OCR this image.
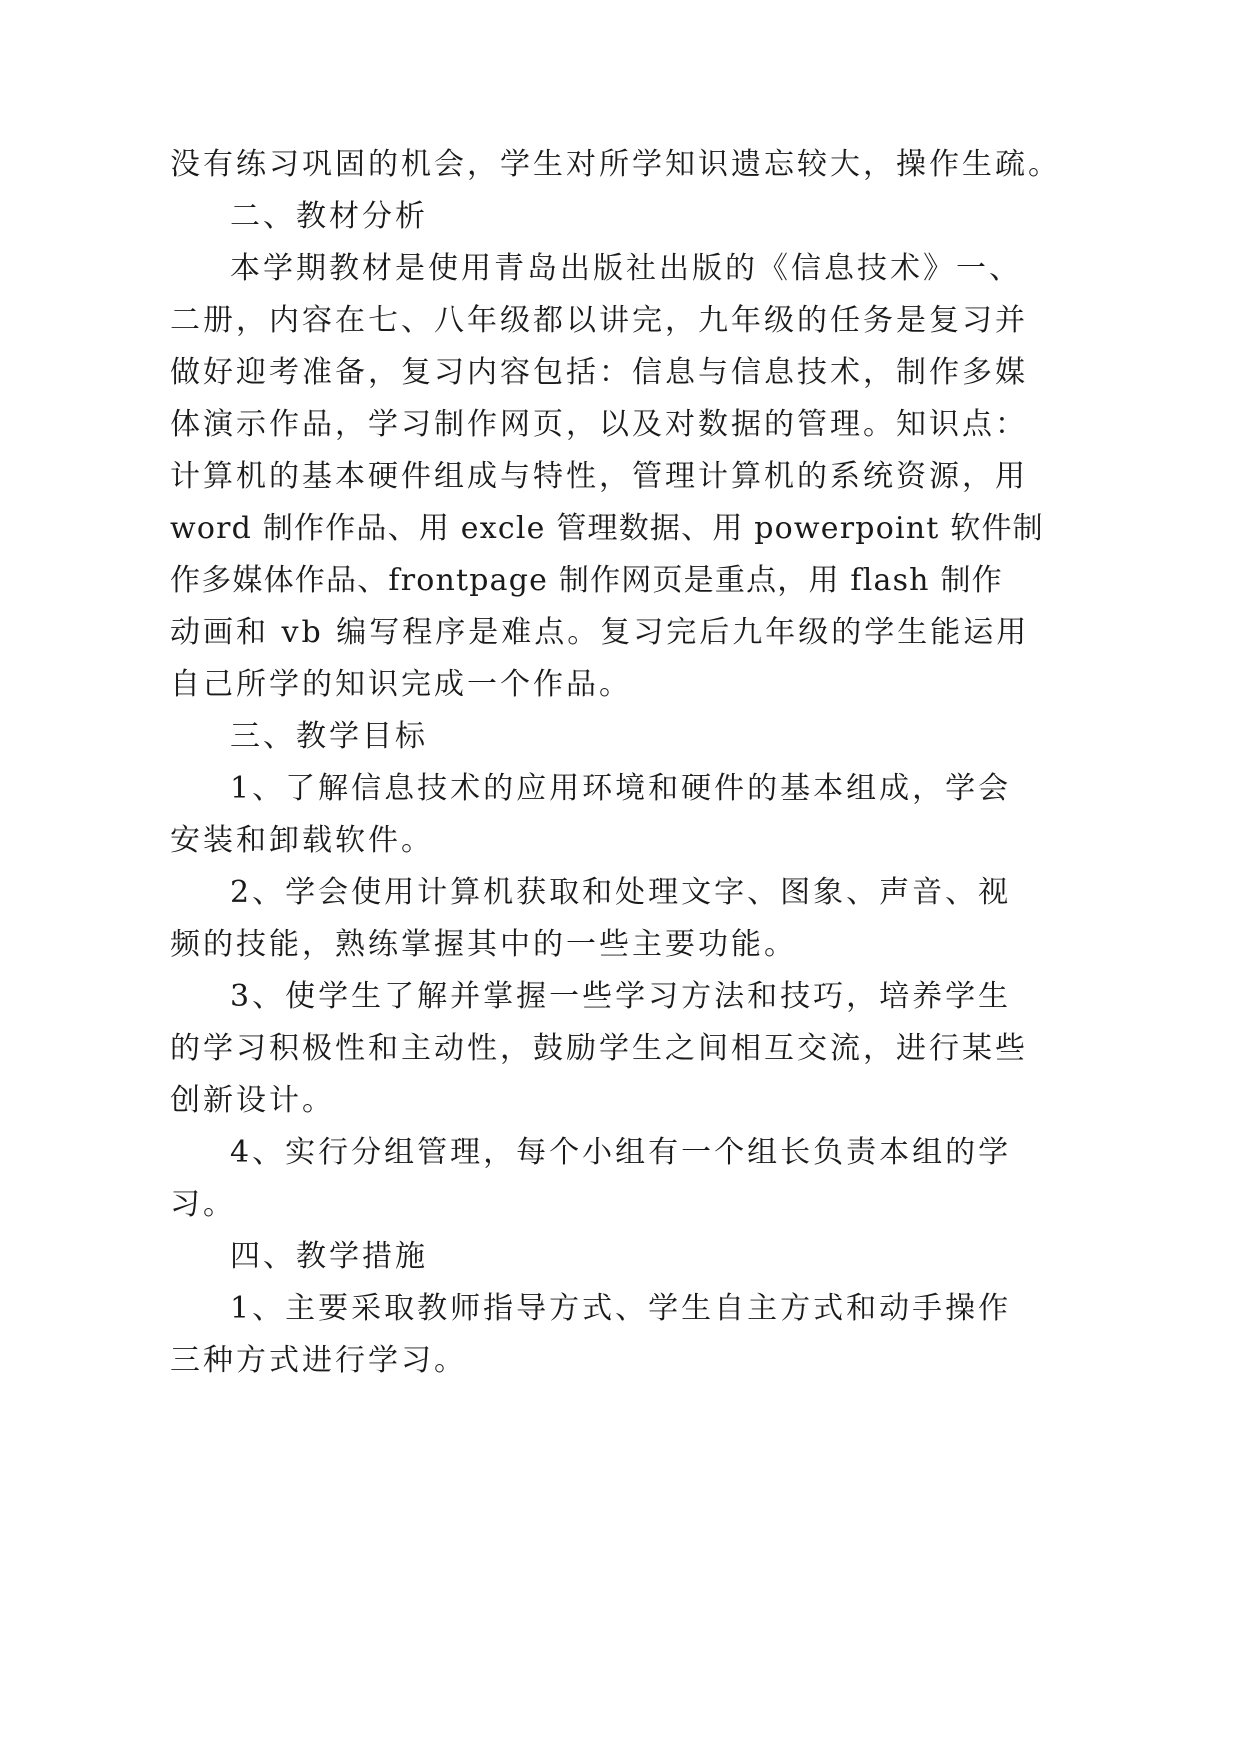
没有练习巩固的机会，学生对所学知识遗忘较大，操作生疏。
二、教材分析
本学期教材是使用青岛出版社出版的《信息技术》一、
二册，内容在七、八年级都以讲完，九年级的任务是复习并
做好迎考准备，复习内容包括：信息与信息技术，制作多媒
体演示作品，学习制作网页，以及对数据的管理。知识点：
计算机的基本硬件组成与特性，管理计算机的系统资源，用
word 制作作品、用 excle 管理数据、用 powerpoint 软件制
作多媒体作品、frontpage 制作网页是重点，用 flash 制作
动画和 vb 编写程序是难点。复习完后九年级的学生能运用
自己所学的知识完成一个作品。
三、教学目标
1、了解信息技术的应用环境和硬件的基本组成，学会
安装和卸载软件。
2、学会使用计算机获取和处理文字、图象、声音、视
频的技能，熟练掌握其中的一些主要功能。
3、使学生了解并掌握一些学习方法和技巧，培养学生
的学习积极性和主动性，鼓励学生之间相互交流，进行某些
创新设计。
4、实行分组管理，每个小组有一个组长负责本组的学
习。
四、教学措施
1、主要采取教师指导方式、学生自主方式和动手操作
三种方式进行学习。
